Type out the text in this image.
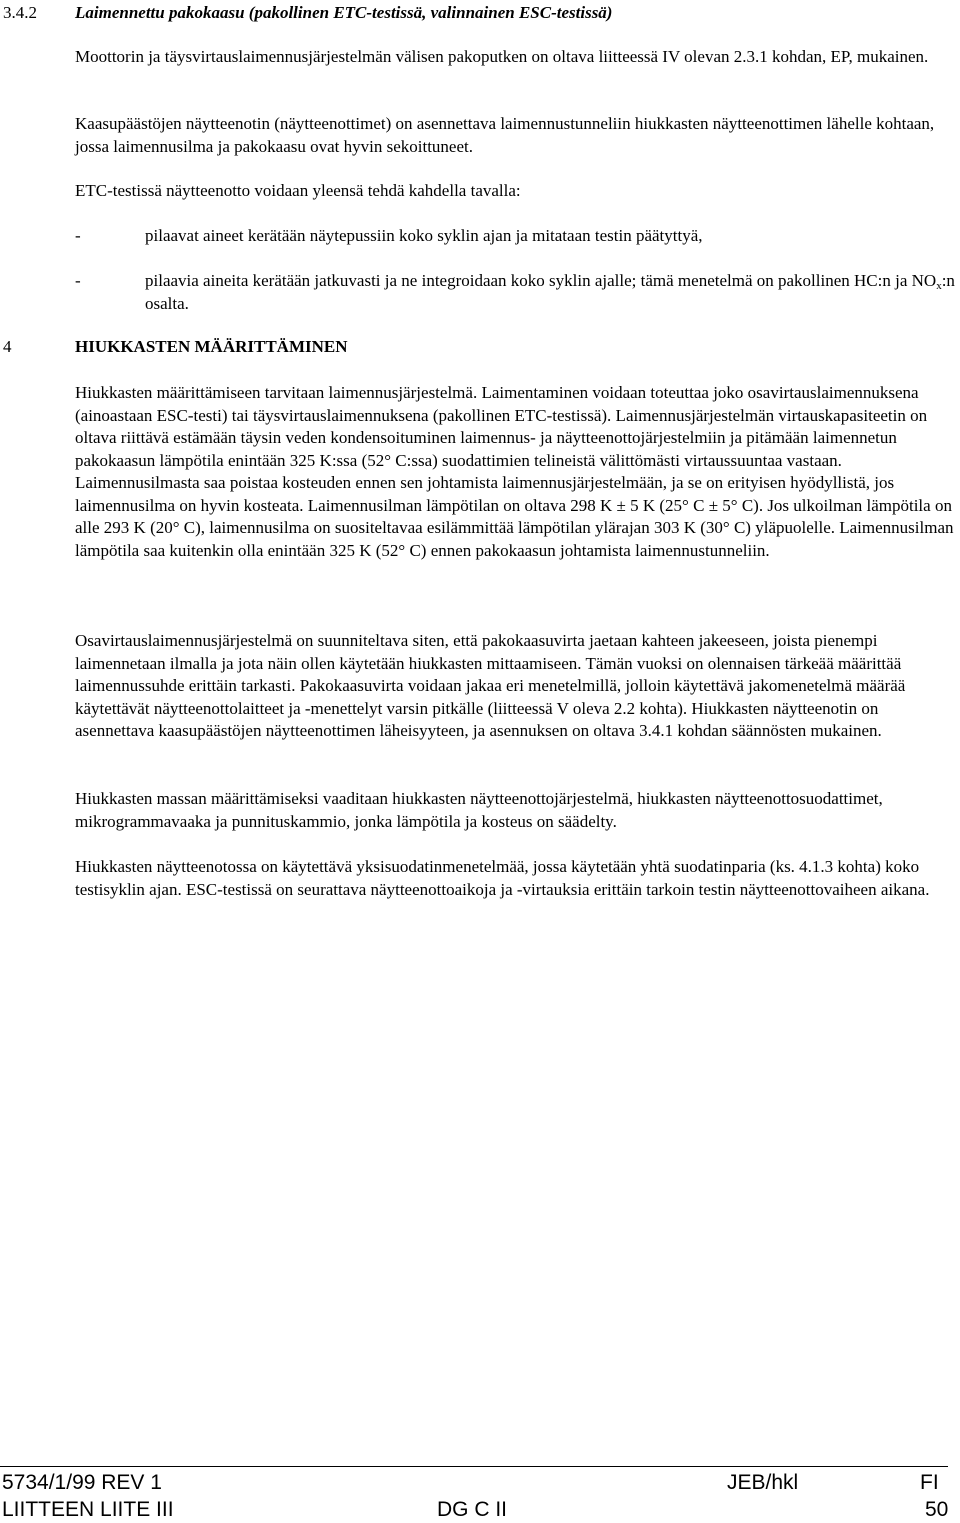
3.4.2 Laimennettu pakokaasu (pakollinen ETC-testissä, valinnainen ESC-testissä)
Moottorin ja täysvirtauslaimennusjärjestelmän välisen pakoputken on oltava liitteessä IV olevan 2.3.1 kohdan, EP, mukainen.
Kaasupäästöjen näytteenotin (näytteenottimet) on asennettava laimennustunneliin hiukkasten näytteenottimen lähelle kohtaan, jossa laimennusilma ja pakokaasu ovat hyvin sekoittuneet.
ETC-testissä näytteenotto voidaan yleensä tehdä kahdella tavalla:
-	pilaavat aineet kerätään näytepussiin koko syklin ajan ja mitataan testin päätyttyä,
-	pilaavia aineita kerätään jatkuvasti ja ne integroidaan koko syklin ajalle; tämä menetelmä on pakollinen HC:n ja $NO_x:n$ osalta.
4	HIUKKASTEN MÄÄRITTÄMINEN
Hiukkasten määrittämiseen tarvitaan laimennusjärjestelmä. Laimentaminen voidaan toteuttaa joko osavirtauslaimennuksena (ainoastaan ESC-testi) tai täysvirtauslaimennuksena (pakollinen ETC-testissä). Laimennusjärjestelmän virtauskapasiteetin on oltava riittävä estämään täysin veden kondensoituminen laimennus- ja näytteenottojärjestelmiin ja pitämään laimennetun pakokaasun lämpötila enintään 325 K:ssa (52° C:ssa) suodattimien telineistä välittömästi virtaussuuntaa vastaan. Laimennusilmasta saa poistaa kosteuden ennen sen johtamista laimennusjärjestelmään, ja se on erityisen hyödyllistä, jos laimennusilma on hyvin kosteata. Laimennusilman lämpötilan on oltava 298 K ± 5 K (25° C ± 5° C). Jos ulkoilman lämpötila on alle 293 K (20° C), laimennusilma on suositeltavaa esilämmittää lämpötilan ylärajan 303 K (30° C) yläpuolelle. Laimennusilman lämpötila saa kuitenkin olla enintään 325 K (52° C) ennen pakokaasun johtamista laimennustunneliin.
Osavirtauslaimennusjärjestelmä on suunniteltava siten, että pakokaasuvirta jaetaan kahteen jakeeseen, joista pienempi laimennetaan ilmalla ja jota näin ollen käytetään hiukkasten mittaamiseen. Tämän vuoksi on olennaisen tärkeää määrittää laimennussuhde erittäin tarkasti. Pakokaasuvirta voidaan jakaa eri menetelmillä, jolloin käytettävä jakomenetelmä määrää käytettävät näytteenottolaitteet ja -menettelyt varsin pitkälle (liitteessä V oleva 2.2 kohta). Hiukkasten näytteenotin on asennettava kaasupäästöjen näytteenottimen läheisyyteen, ja asennuksen on oltava 3.4.1 kohdan säännösten mukainen.
Hiukkasten massan määrittämiseksi vaaditaan hiukkasten näytteenottojärjestelmä, hiukkasten näytteenottosuodattimet, mikrogrammavaaka ja punnituskammio, jonka lämpötila ja kosteus on säädelty.
Hiukkasten näytteenotossa on käytettävä yksisuodatinmenetelmää, jossa käytetään yhtä suodatinparia (ks. 4.1.3 kohta) koko testisyklin ajan. ESC-testissä on seurattava näytteenottoaikoja ja -virtauksia erittäin tarkoin testin näytteenottovaiheen aikana.
5734/1/99 REV 1	JEB/hkl	FI
LIITTEEN LIITE III	DG C II	50
